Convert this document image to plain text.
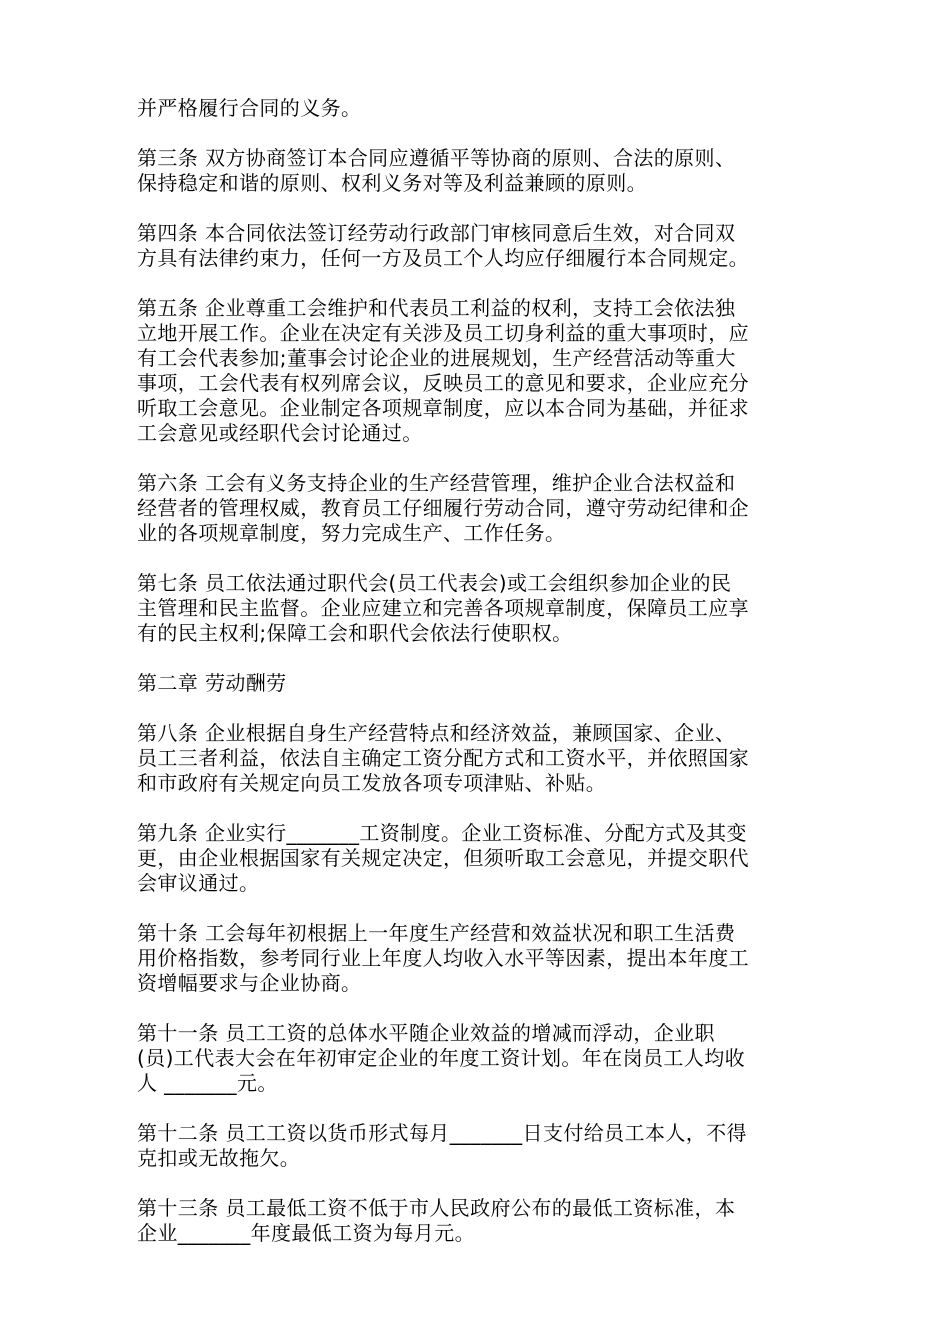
并严格履行合同的义务。
第三条 双方协商签订本合同应遵循平等协商的原则、合法的原则、
保持稳定和谐的原则、权利义务对等及利益兼顾的原则。
第四条 本合同依法签订经劳动行政部门审核同意后生效，对合同双
方具有法律约束力，任何一方及员工个人均应仔细履行本合同规定。
第五条 企业尊重工会维护和代表员工利益的权利，支持工会依法独
立地开展工作。企业在决定有关涉及员工切身利益的重大事项时，应
有工会代表参加;董事会讨论企业的进展规划，生产经营活动等重大
事项，工会代表有权列席会议，反映员工的意见和要求，企业应充分
听取工会意见。企业制定各项规章制度，应以本合同为基础，并征求
工会意见或经职代会讨论通过。
第六条 工会有义务支持企业的生产经营管理，维护企业合法权益和
经营者的管理权威，教育员工仔细履行劳动合同，遵守劳动纪律和企
业的各项规章制度，努力完成生产、工作任务。
第七条 员工依法通过职代会(员工代表会)或工会组织参加企业的民
主管理和民主监督。企业应建立和完善各项规章制度，保障员工应享
有的民主权利;保障工会和职代会依法行使职权。
第二章 劳动酬劳
第八条 企业根据自身生产经营特点和经济效益，兼顾国家、企业、
员工三者利益，依法自主确定工资分配方式和工资水平，并依照国家
和市政府有关规定向员工发放各项专项津贴、补贴。
第九条 企业实行_______工资制度。企业工资标准、分配方式及其变
更，由企业根据国家有关规定决定，但须听取工会意见，并提交职代
会审议通过。
第十条 工会每年初根据上一年度生产经营和效益状况和职工生活费
用价格指数，参考同行业上年度人均收入水平等因素，提出本年度工
资增幅要求与企业协商。
第十一条 员工工资的总体水平随企业效益的增减而浮动，企业职
(员)工代表大会在年初审定企业的年度工资计划。年在岗员工人均收
人 _______元。
第十二条 员工工资以货币形式每月_______日支付给员工本人，不得
克扣或无故拖欠。
第十三条 员工最低工资不低于市人民政府公布的最低工资标准，本
企业_______年度最低工资为每月元。
